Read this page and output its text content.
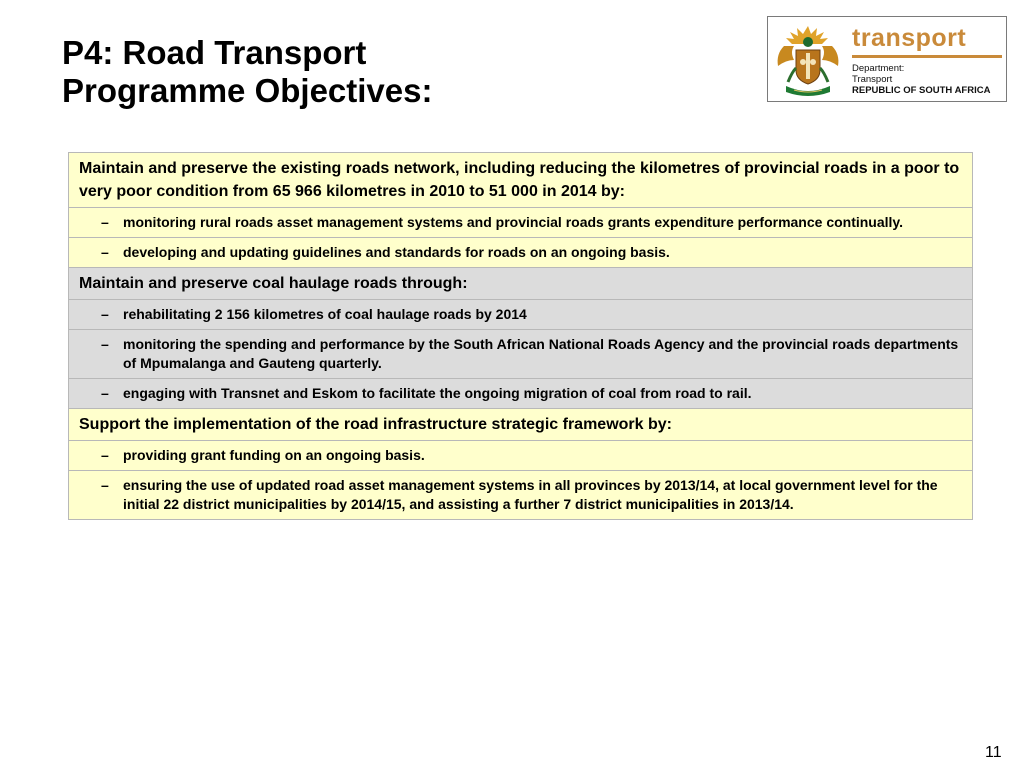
P4: Road Transport
Programme Objectives:
transport
Department:
Transport
REPUBLIC OF SOUTH AFRICA
Maintain and preserve the existing roads network, including reducing the kilometres of provincial roads in a poor to very poor condition from 65 966 kilometres in 2010 to 51 000 in 2014 by:
– monitoring rural roads asset management systems and provincial roads grants expenditure performance continually.
– developing and updating guidelines and standards for roads on an ongoing basis.
Maintain and preserve coal haulage roads through:
– rehabilitating 2 156 kilometres of coal haulage roads by 2014
– monitoring the spending and performance by the South African National Roads Agency and the provincial roads departments of Mpumalanga and Gauteng quarterly.
– engaging with Transnet and Eskom to facilitate the ongoing migration of coal from road to rail.
Support the implementation of the road infrastructure strategic framework by:
– providing grant funding on an ongoing basis.
– ensuring the use of updated road asset management systems in all provinces by 2013/14, at local government level for the initial 22 district municipalities by 2014/15, and assisting a further 7 district municipalities in 2013/14.
11
